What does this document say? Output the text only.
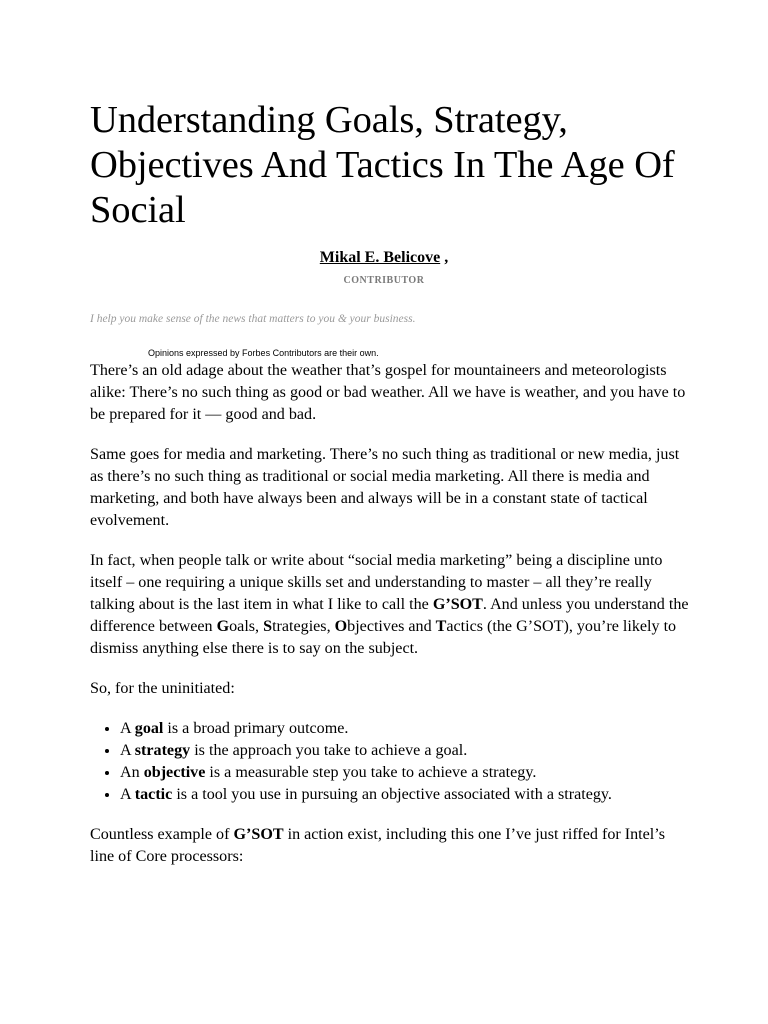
Understanding Goals, Strategy, Objectives And Tactics In The Age Of Social
Mikal E. Belicove ,
CONTRIBUTOR
I help you make sense of the news that matters to you & your business.
Opinions expressed by Forbes Contributors are their own.

There’s an old adage about the weather that’s gospel for mountaineers and meteorologists alike: There’s no such thing as good or bad weather. All we have is weather, and you have to be prepared for it — good and bad.

Same goes for media and marketing. There’s no such thing as traditional or new media, just as there’s no such thing as traditional or social media marketing. All there is media and marketing, and both have always been and always will be in a constant state of tactical evolvement.

In fact, when people talk or write about “social media marketing” being a discipline unto itself – one requiring a unique skills set and understanding to master – all they’re really talking about is the last item in what I like to call the G’SOT. And unless you understand the difference between Goals, Strategies, Objectives and Tactics (the G’SOT), you’re likely to dismiss anything else there is to say on the subject.

So, for the uninitiated:

• A goal is a broad primary outcome.
• A strategy is the approach you take to achieve a goal.
• An objective is a measurable step you take to achieve a strategy.
• A tactic is a tool you use in pursuing an objective associated with a strategy.

Countless example of G’SOT in action exist, including this one I’ve just riffed for Intel’s line of Core processors:
